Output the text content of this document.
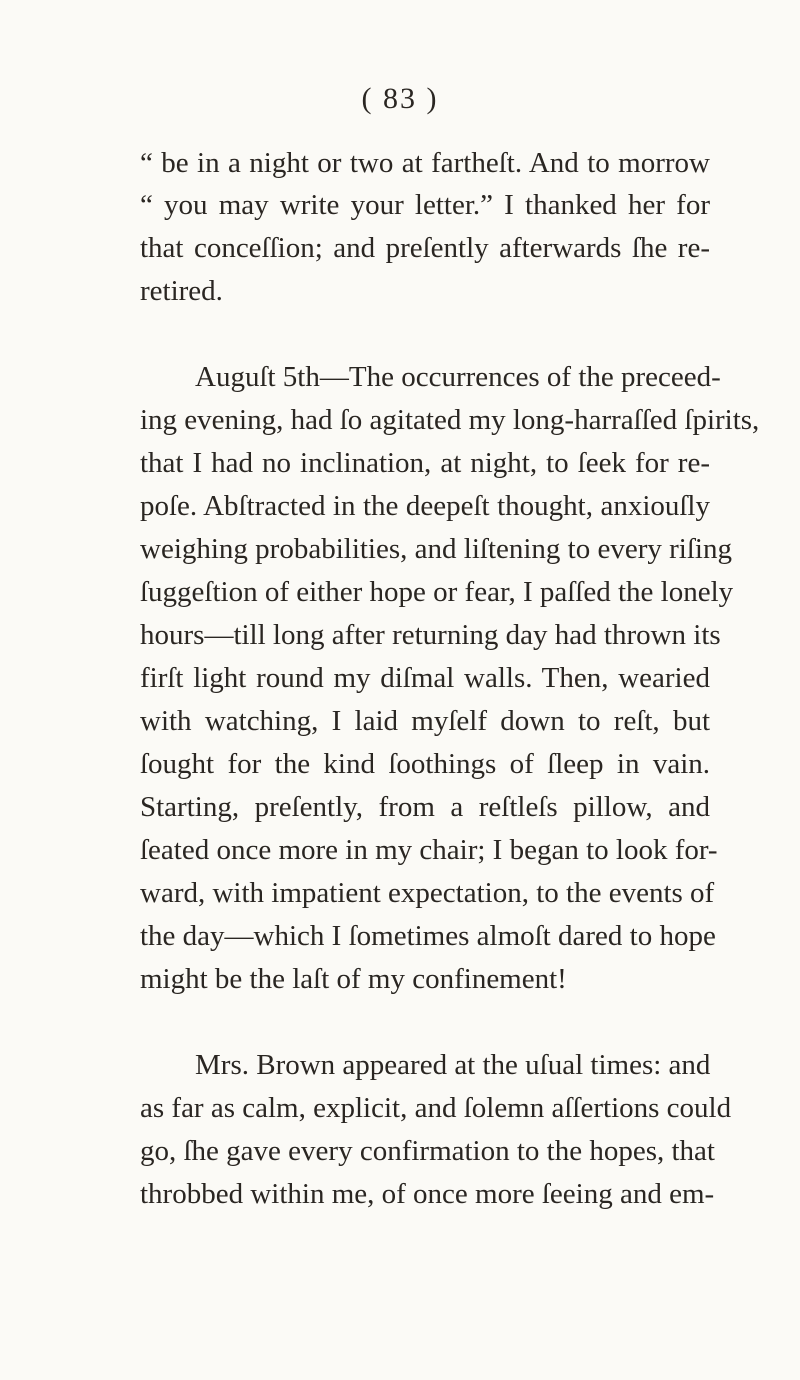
( 83 )
“ be in a night or two at fartheſt. And to morrow
“ you may write your letter.” I thanked her for
that conceſſion; and preſently afterwards ſhe re-
retired.
Auguſt 5th—The occurrences of the preceed-
ing evening, had ſo agitated my long-harraſſed ſpirits,
that I had no inclination, at night, to ſeek for re-
poſe. Abſtracted in the deepeſt thought, anxiouſly
weighing probabilities, and liſtening to every riſing
ſuggeſtion of either hope or fear, I paſſed the lonely
hours—till long after returning day had thrown its
firſt light round my diſmal walls. Then, wearied
with watching, I laid myſelf down to reſt, but
ſought for the kind ſoothings of ſleep in vain.
Starting, preſently, from a reſtleſs pillow, and
ſeated once more in my chair; I began to look for-
ward, with impatient expectation, to the events of
the day—which I ſometimes almoſt dared to hope
might be the laſt of my confinement!
Mrs. Brown appeared at the uſual times: and
as far as calm, explicit, and ſolemn aſſertions could
go, ſhe gave every confirmation to the hopes, that
throbbed within me, of once more ſeeing and em-
